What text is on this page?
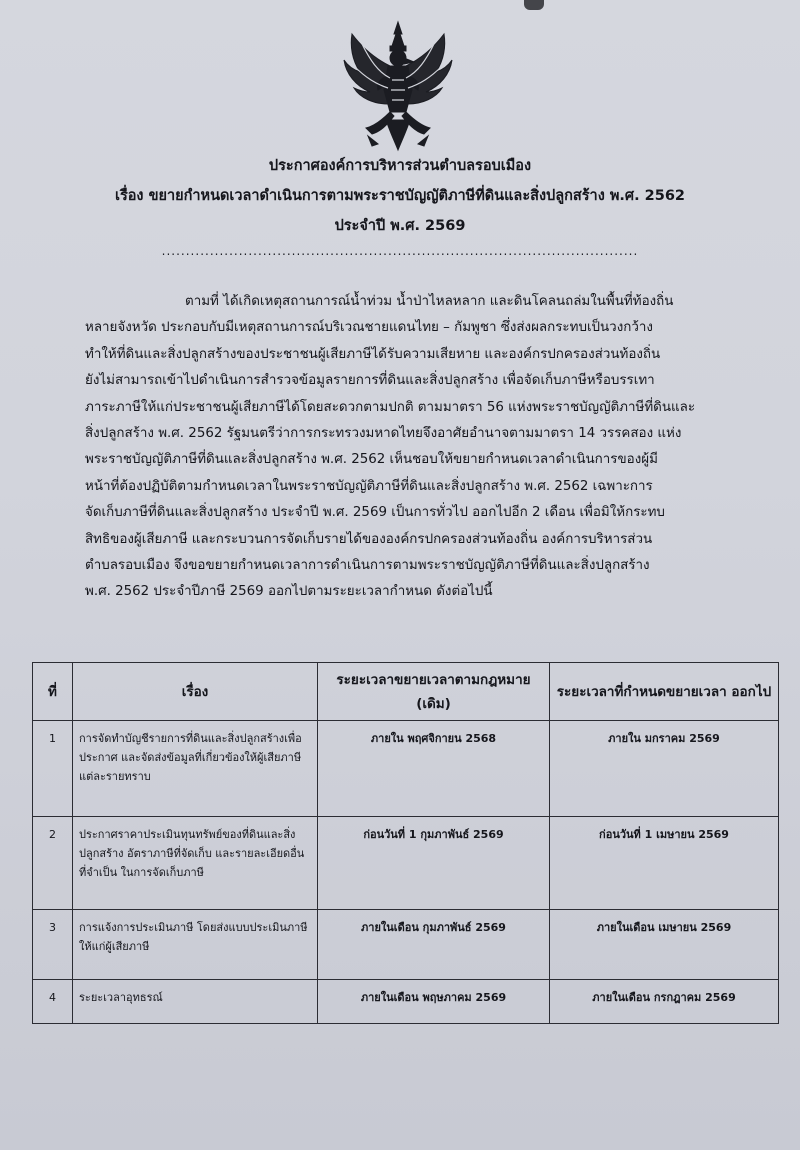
ประกาศองค์การบริหารส่วนตำบลรอบเมือง
เรื่อง ขยายกำหนดเวลาดำเนินการตามพระราชบัญญัติภาษีที่ดินและสิ่งปลูกสร้าง พ.ศ. 2562
ประจำปี พ.ศ. 2569
...................................................................................................

ตามที่ ได้เกิดเหตุสถานการณ์น้ำท่วม น้ำป่าไหลหลาก และดินโคลนถล่มในพื้นที่ท้องถิ่น
หลายจังหวัด ประกอบกับมีเหตุสถานการณ์บริเวณชายแดนไทย – กัมพูชา ซึ่งส่งผลกระทบเป็นวงกว้าง
ทำให้ที่ดินและสิ่งปลูกสร้างของประชาชนผู้เสียภาษีได้รับความเสียหาย และองค์กรปกครองส่วนท้องถิ่น
ยังไม่สามารถเข้าไปดำเนินการสำรวจข้อมูลรายการที่ดินและสิ่งปลูกสร้าง เพื่อจัดเก็บภาษีหรือบรรเทา
ภาระภาษีให้แก่ประชาชนผู้เสียภาษีได้โดยสะดวกตามปกติ ตามมาตรา 56 แห่งพระราชบัญญัติภาษีที่ดินและ
สิ่งปลูกสร้าง พ.ศ. 2562 รัฐมนตรีว่าการกระทรวงมหาดไทยจึงอาศัยอำนาจตามมาตรา 14 วรรคสอง แห่ง
พระราชบัญญัติภาษีที่ดินและสิ่งปลูกสร้าง พ.ศ. 2562 เห็นชอบให้ขยายกำหนดเวลาดำเนินการของผู้มี
หน้าที่ต้องปฏิบัติตามกำหนดเวลาในพระราชบัญญัติภาษีที่ดินและสิ่งปลูกสร้าง พ.ศ. 2562 เฉพาะการ
จัดเก็บภาษีที่ดินและสิ่งปลูกสร้าง ประจำปี พ.ศ. 2569 เป็นการทั่วไป ออกไปอีก 2 เดือน เพื่อมิให้กระทบ
สิทธิของผู้เสียภาษี และกระบวนการจัดเก็บรายได้ขององค์กรปกครองส่วนท้องถิ่น องค์การบริหารส่วน
ตำบลรอบเมือง จึงขอขยายกำหนดเวลาการดำเนินการตามพระราชบัญญัติภาษีที่ดินและสิ่งปลูกสร้าง
พ.ศ. 2562 ประจำปีภาษี 2569 ออกไปตามระยะเวลากำหนด ดังต่อไปนี้

ที่	เรื่อง	ระยะเวลาขยายเวลาตามกฎหมาย (เดิม)	ระยะเวลาที่กำหนดขยายเวลา ออกไป
1	การจัดทำบัญชีรายการที่ดินและสิ่งปลูกสร้างเพื่อประกาศ และจัดส่งข้อมูลที่เกี่ยวข้องให้ผู้เสียภาษีแต่ละรายทราบ	ภายใน พฤศจิกายน 2568	ภายใน มกราคม 2569
2	ประกาศราคาประเมินทุนทรัพย์ของที่ดินและสิ่งปลูกสร้าง อัตราภาษีที่จัดเก็บ และรายละเอียดอื่นที่จำเป็น ในการจัดเก็บภาษี	ก่อนวันที่ 1 กุมภาพันธ์ 2569	ก่อนวันที่ 1 เมษายน 2569
3	การแจ้งการประเมินภาษี โดยส่งแบบประเมินภาษีให้แก่ผู้เสียภาษี	ภายในเดือน กุมภาพันธ์ 2569	ภายในเดือน เมษายน 2569
4	ระยะเวลาอุทธรณ์	ภายในเดือน พฤษภาคม 2569	ภายในเดือน กรกฎาคม 2569
